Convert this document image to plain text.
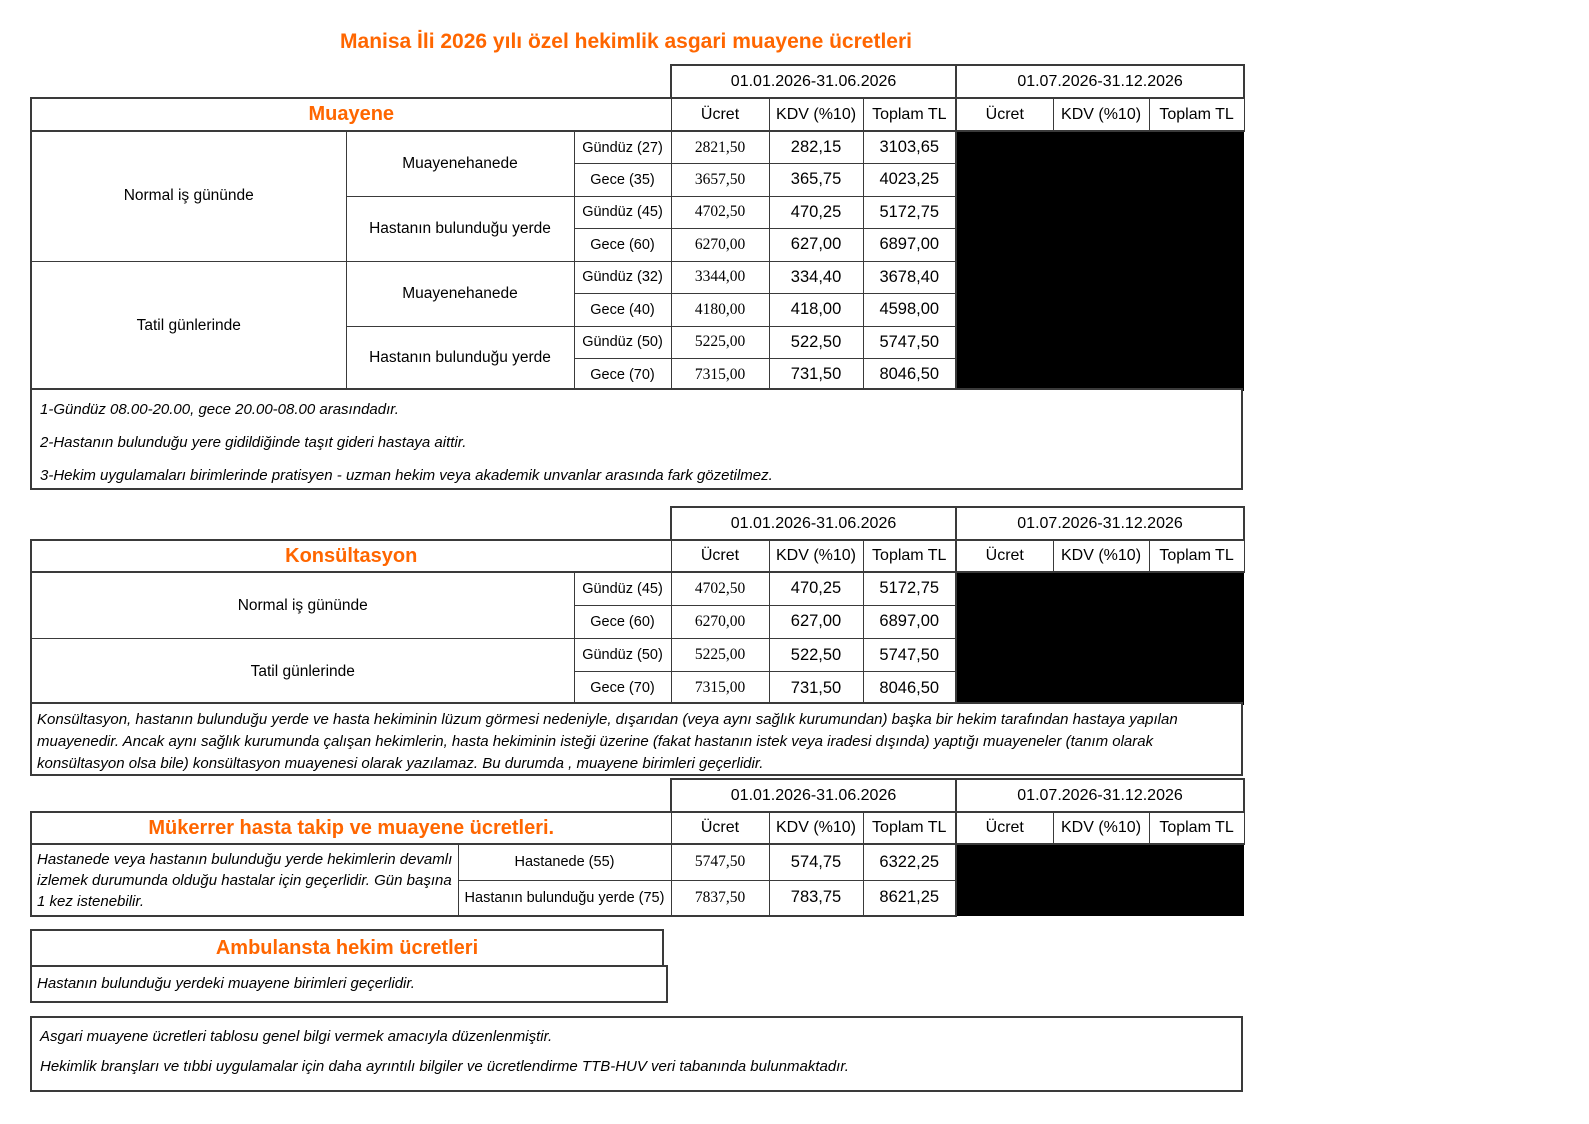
Manisa İli 2026 yılı özel hekimlik asgari muayene ücretleri
			01.01.2026-31.06.2026			01.07.2026-31.12.2026		
Muayene			Ücret	KDV (%10)	Toplam TL	Ücret	KDV (%10)	Toplam TL
Normal iş gününde	Muayenehanede	Gündüz (27)	2821,50	282,15	3103,65			
		Gece (35)	3657,50	365,75	4023,25			
	Hastanın bulunduğu yerde	Gündüz (45)	4702,50	470,25	5172,75			
		Gece (60)	6270,00	627,00	6897,00			
Tatil günlerinde	Muayenehanede	Gündüz (32)	3344,00	334,40	3678,40			
		Gece (40)	4180,00	418,00	4598,00			
	Hastanın bulunduğu yerde	Gündüz (50)	5225,00	522,50	5747,50			
		Gece (70)	7315,00	731,50	8046,50			

1-Gündüz 08.00-20.00, gece 20.00-08.00 arasındadır.

2-Hastanın bulunduğu yere gidildiğinde taşıt gideri hastaya aittir.

3-Hekim uygulamaları birimlerinde pratisyen - uzman hekim veya akademik unvanlar arasında fark gözetilmez.

		01.01.2026-31.06.2026			01.07.2026-31.12.2026		
Konsültasyon		Ücret	KDV (%10)	Toplam TL	Ücret	KDV (%10)	Toplam TL
Normal iş gününde	Gündüz (45)	4702,50	470,25	5172,75			
	Gece (60)	6270,00	627,00	6897,00			
Tatil günlerinde	Gündüz (50)	5225,00	522,50	5747,50			
	Gece (70)	7315,00	731,50	8046,50			
Konsültasyon, hastanın bulunduğu yerde ve hasta hekiminin lüzum görmesi nedeniyle, dışarıdan (veya aynı sağlık kurumundan) başka bir hekim tarafından hastaya yapılan muayenedir. Ancak aynı sağlık kurumunda çalışan hekimlerin, hasta hekiminin isteği üzerine (fakat hastanın istek veya iradesi dışında) yaptığı muayeneler (tanım olarak konsültasyon olsa bile) konsültasyon muayenesi olarak yazılamaz. Bu durumda , muayene birimleri geçerlidir.
		01.01.2026-31.06.2026			01.07.2026-31.12.2026		
Mükerrer hasta takip ve muayene ücretleri.		Ücret	KDV (%10)	Toplam TL	Ücret	KDV (%10)	Toplam TL
Hastanede veya hastanın bulunduğu yerde hekimlerin devamlı izlemek durumunda olduğu hastalar için geçerlidir. Gün başına 1 kez istenebilir.	Hastanede (55)	5747,50	574,75	6322,25			
	Hastanın bulunduğu yerde (75)	7837,50	783,75	8621,25			
Ambulansta hekim ücretleri
Hastanın bulunduğu yerdeki muayene birimleri geçerlidir.

Asgari muayene ücretleri tablosu genel bilgi vermek amacıyla düzenlenmiştir.

Hekimlik branşları ve tıbbi uygulamalar için daha ayrıntılı bilgiler ve ücretlendirme TTB-HUV veri tabanında bulunmaktadır.
